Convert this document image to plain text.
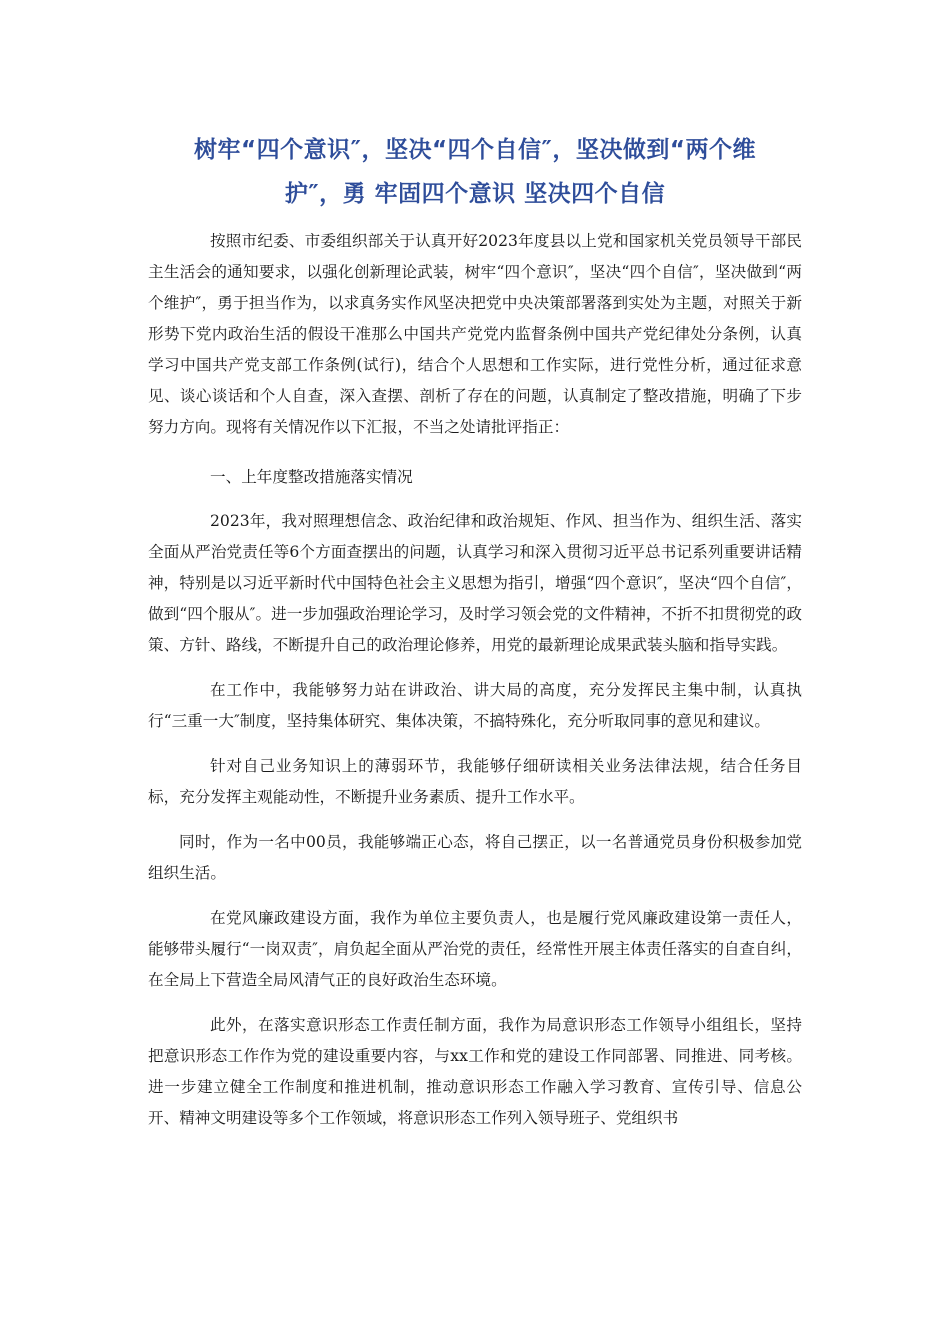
树牢“四个意识″，坚决“四个自信″，坚决做到“两个维
护″，勇 牢固四个意识 坚决四个自信

按照市纪委、市委组织部关于认真开好2023年度县以上党和国家机关党员领导干部民主生活会的通知要求，以强化创新理论武装，树牢“四个意识″，坚决“四个自信″，坚决做到“两个维护″，勇于担当作为，以求真务实作风坚决把党中央决策部署落到实处为主题，对照关于新形势下党内政治生活的假设干准那么中国共产党党内监督条例中国共产党纪律处分条例，认真学习中国共产党支部工作条例(试行)，结合个人思想和工作实际，进行党性分析，通过征求意见、谈心谈话和个人自查，深入查摆、剖析了存在的问题，认真制定了整改措施，明确了下步努力方向。现将有关情况作以下汇报，不当之处请批评指正：

一、上年度整改措施落实情况

2023年，我对照理想信念、政治纪律和政治规矩、作风、担当作为、组织生活、落实全面从严治党责任等6个方面查摆出的问题，认真学习和深入贯彻习近平总书记系列重要讲话精神，特别是以习近平新时代中国特色社会主义思想为指引，增强“四个意识″，坚决“四个自信″，做到“四个服从″。进一步加强政治理论学习，及时学习领会党的文件精神，不折不扣贯彻党的政策、方针、路线，不断提升自己的政治理论修养，用党的最新理论成果武装头脑和指导实践。

在工作中，我能够努力站在讲政治、讲大局的高度，充分发挥民主集中制，认真执行“三重一大″制度，坚持集体研究、集体决策，不搞特殊化，充分听取同事的意见和建议。

针对自己业务知识上的薄弱环节，我能够仔细研读相关业务法律法规，结合任务目标，充分发挥主观能动性，不断提升业务素质、提升工作水平。

同时，作为一名中00员，我能够端正心态，将自己摆正，以一名普通党员身份积极参加党组织生活。

在党风廉政建设方面，我作为单位主要负责人，也是履行党风廉政建设第一责任人，能够带头履行“一岗双责″，肩负起全面从严治党的责任，经常性开展主体责任落实的自查自纠，在全局上下营造全局风清气正的良好政治生态环境。

此外，在落实意识形态工作责任制方面，我作为局意识形态工作领导小组组长，坚持把意识形态工作作为党的建设重要内容，与xx工作和党的建设工作同部署、同推进、同考核。进一步建立健全工作制度和推进机制，推动意识形态工作融入学习教育、宣传引导、信息公开、精神文明建设等多个工作领域，将意识形态工作列入领导班子、党组织书
